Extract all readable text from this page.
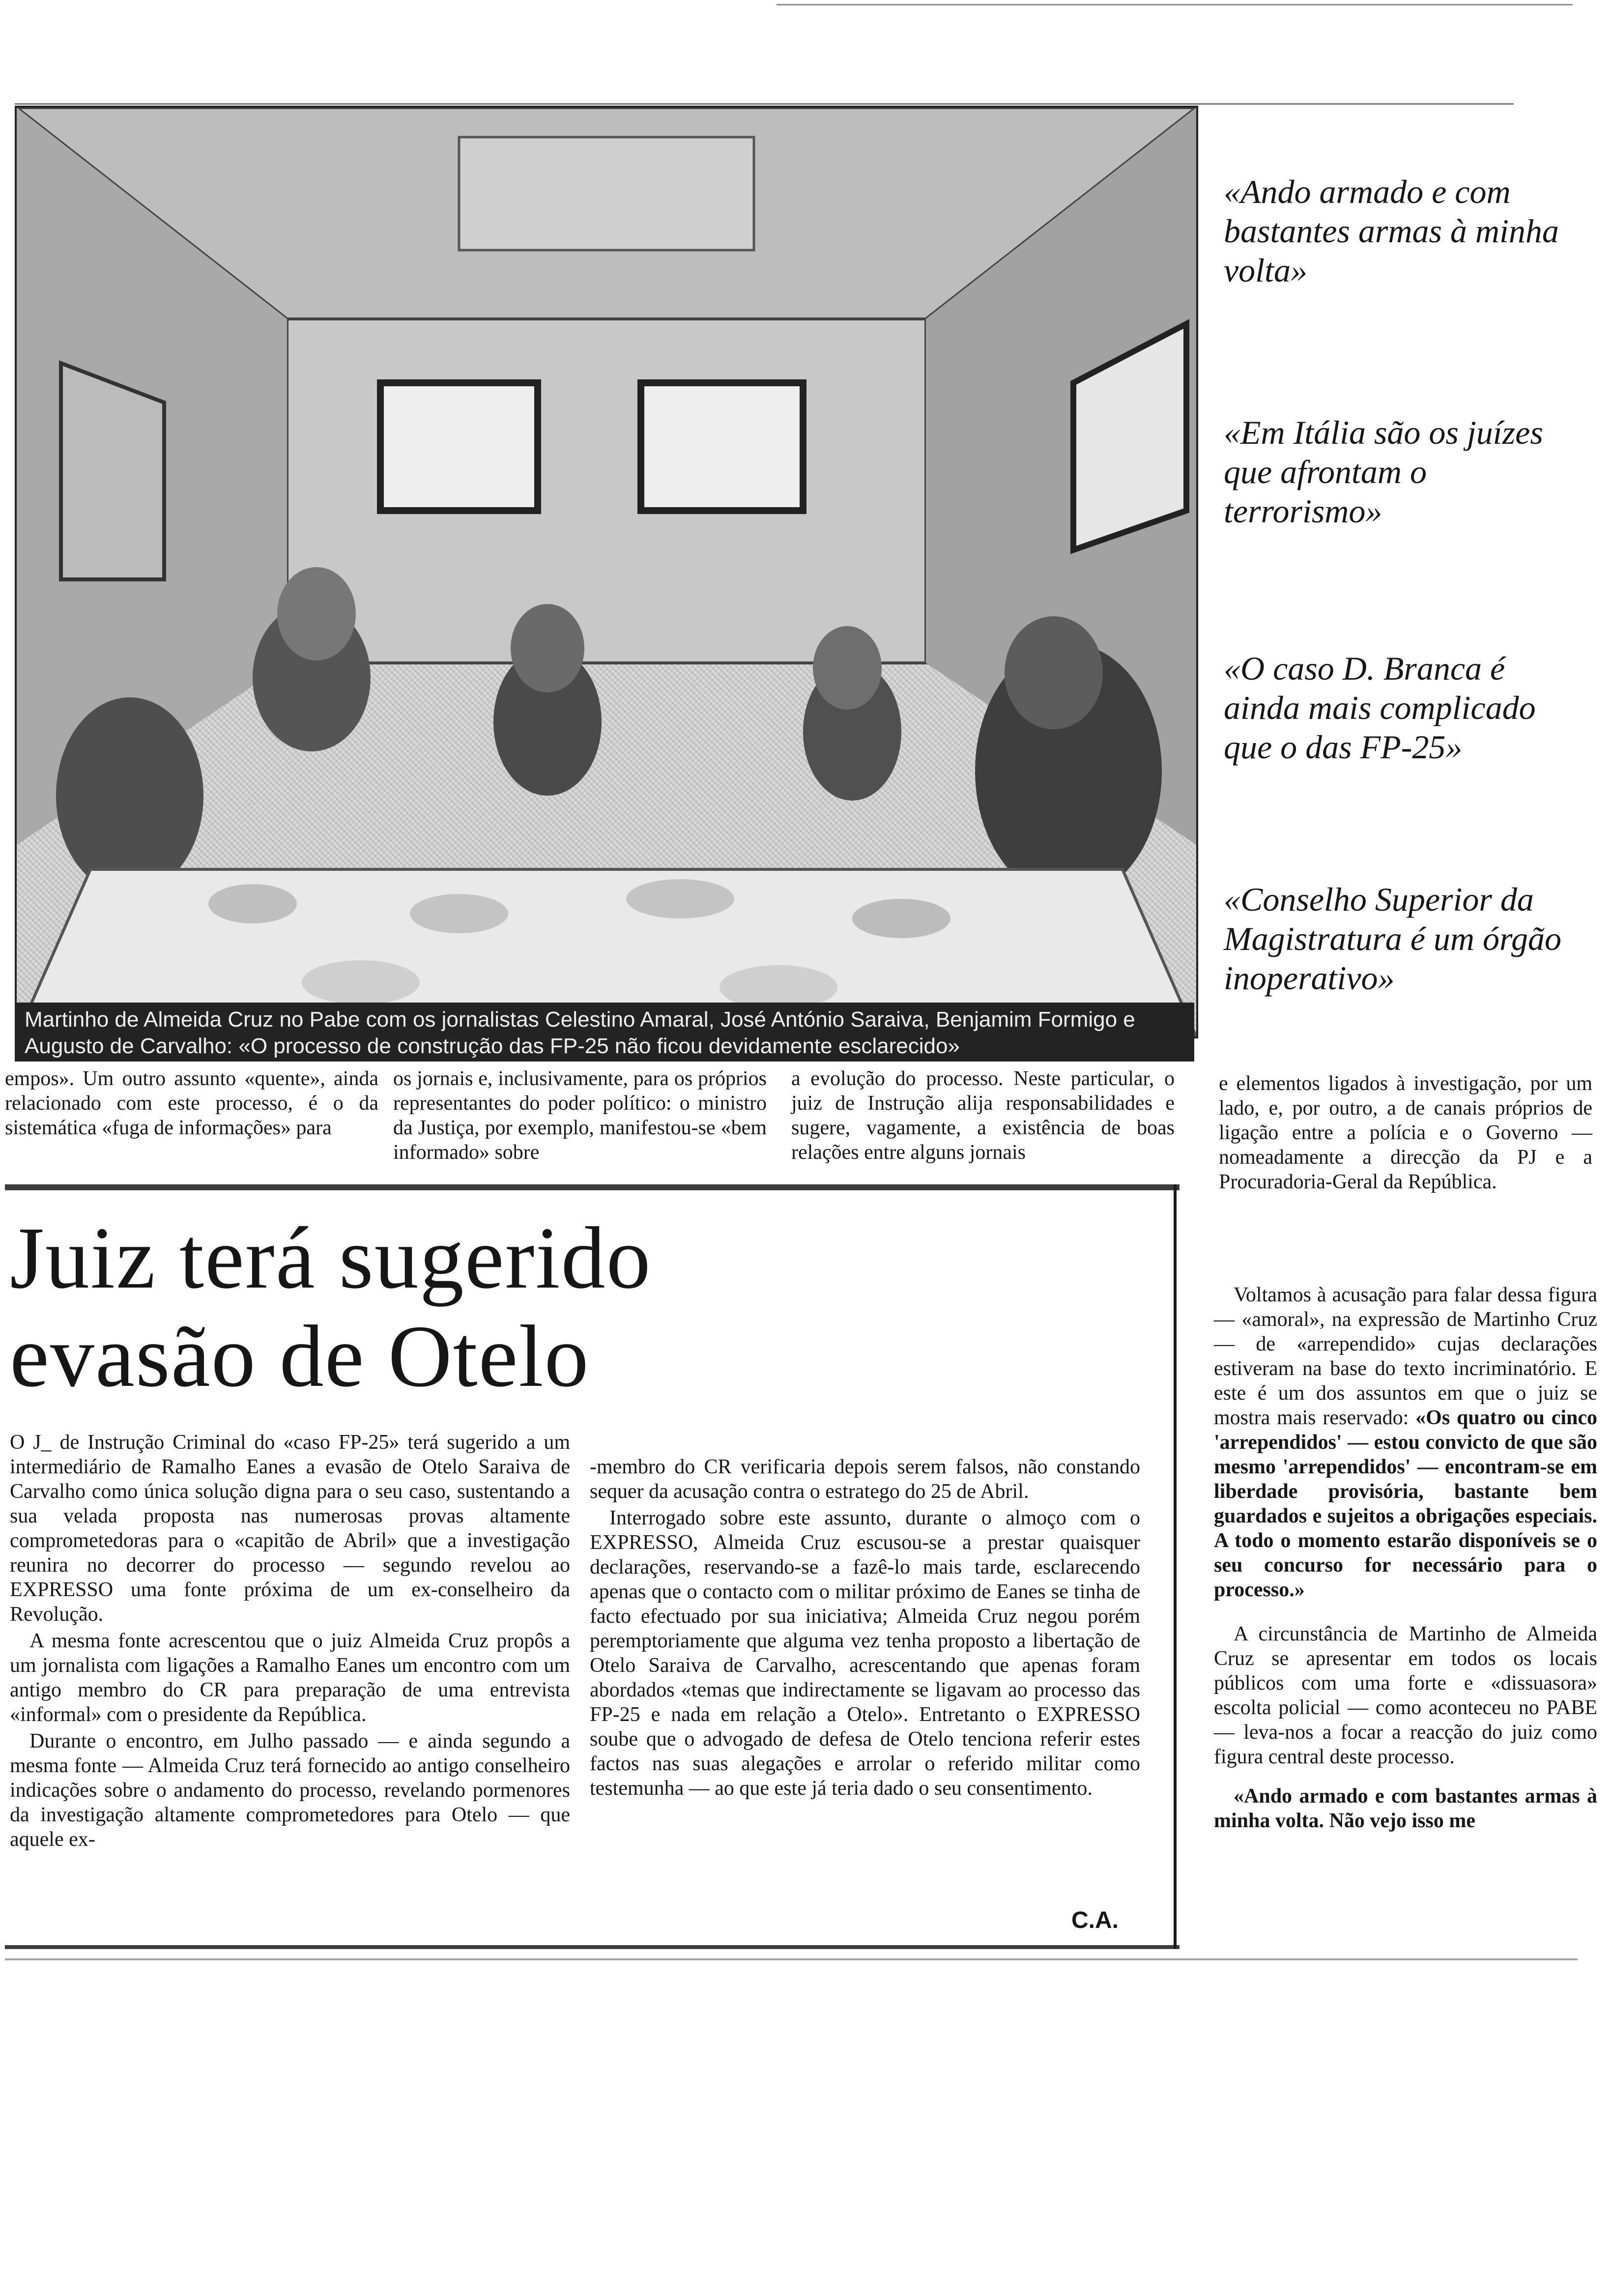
Martinho de Almeida Cruz no Pabe com os jornalistas Celestino Amaral, José António Saraiva, Benjamim Formigo e Augusto de Carvalho: «O processo de construção das FP-25 não ficou devidamente esclarecido»
«Ando armado e com bastantes armas à minha volta»
«Em Itália são os juízes que afrontam o terrorismo»
«O caso D. Branca é ainda mais complicado que o das FP-25»
«Conselho Superior da Magistratura é um órgão inoperativo»
empos». Um outro assunto «quente», ainda relacionado com este processo, é o da sistemática «fuga de informações» para
os jornais e, inclusivamente, para os próprios representantes do poder político: o ministro da Justiça, por exemplo, manifestou-se «bem informado» sobre
a evolução do processo. Neste particular, o juiz de Instrução alija responsabilidades e sugere, vagamente, a existência de boas relações entre alguns jornais
e elementos ligados à investigação, por um lado, e, por outro, a de canais próprios de ligação entre a polícia e o Governo — nomeadamente a direcção da PJ e a Procuradoria-Geral da República.
Juiz terá sugerido
evasão de Otelo

O J_ de Instrução Criminal do «caso FP-25» terá sugerido a um intermediário de Ramalho Eanes a evasão de Otelo Saraiva de Carvalho como única solução digna para o seu caso, sustentando a sua velada proposta nas numerosas provas altamente comprometedoras para o «capitão de Abril» que a investigação reunira no decorrer do processo — segundo revelou ao EXPRESSO uma fonte próxima de um ex-conselheiro da Revolução.

A mesma fonte acrescentou que o juiz Almeida Cruz propôs a um jornalista com ligações a Ramalho Eanes um encontro com um antigo membro do CR para preparação de uma entrevista «informal» com o presidente da República.

Durante o encontro, em Julho passado — e ainda segundo a mesma fonte — Almeida Cruz terá fornecido ao antigo conselheiro indicações sobre o andamento do processo, revelando pormenores da investigação altamente comprometedores para Otelo — que aquele ex-

-membro do CR verificaria depois serem falsos, não constando sequer da acusação contra o estratego do 25 de Abril.

Interrogado sobre este assunto, durante o almoço com o EXPRESSO, Almeida Cruz escusou-se a prestar quaisquer declarações, reservando-se a fazê-lo mais tarde, esclarecendo apenas que o contacto com o militar próximo de Eanes se tinha de facto efectuado por sua iniciativa; Almeida Cruz negou porém peremptoriamente que alguma vez tenha proposto a libertação de Otelo Saraiva de Carvalho, acrescentando que apenas foram abordados «temas que indirectamente se ligavam ao processo das FP-25 e nada em relação a Otelo». Entretanto o EXPRESSO soube que o advogado de defesa de Otelo tenciona referir estes factos nas suas alegações e arrolar o referido militar como testemunha — ao que este já teria dado o seu consentimento.

C.A.

Voltamos à acusação para falar dessa figura — «amoral», na expressão de Martinho Cruz — de «arrependido» cujas declarações estiveram na base do texto incriminatório. E este é um dos assuntos em que o juiz se mostra mais reservado: «Os quatro ou cinco 'arrependidos' — estou convicto de que são mesmo 'arrependidos' — encontram-se em liberdade provisória, bastante bem guardados e sujeitos a obrigações especiais. A todo o momento estarão disponíveis se o seu concurso for necessário para o processo.»

A circunstância de Martinho de Almeida Cruz se apresentar em todos os locais públicos com uma forte e «dissuasora» escolta policial — como aconteceu no PABE — leva-nos a focar a reacção do juiz como figura central deste processo.

«Ando armado e com bastantes armas à minha volta. Não vejo isso me
